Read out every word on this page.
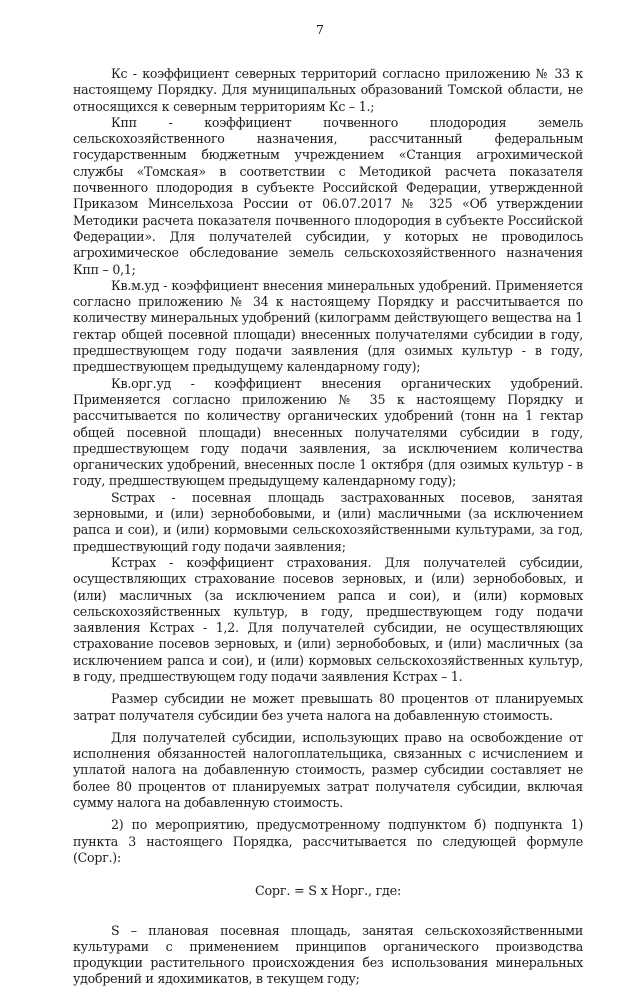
7

Кс - коэффициент северных территорий согласно приложению № 33 к настоящему Порядку. Для муниципальных образований Томской области, не относящихся к северным территориям Кс – 1.;

Кпп - коэффициент почвенного плодородия земель сельскохозяйственного назначения, рассчитанный федеральным государственным бюджетным учреждением «Станция агрохимической службы «Томская» в соответствии с Методикой расчета показателя почвенного плодородия в субъекте Российской Федерации, утвержденной Приказом Минсельхоза России от 06.07.2017 № 325 «Об утверждении Методики расчета показателя почвенного плодородия в субъекте Российской Федерации». Для получателей субсидии, у которых не проводилось агрохимическое обследование земель сельскохозяйственного назначения Кпп – 0,1;

Кв.м.уд - коэффициент внесения минеральных удобрений. Применяется согласно приложению № 34 к настоящему Порядку и рассчитывается по количеству минеральных удобрений (килограмм действующего вещества на 1 гектар общей посевной площади) внесенных получателями субсидии в году, предшествующем году подачи заявления (для озимых культур - в году, предшествующем предыдущему календарному году);

Кв.орг.уд - коэффициент внесения органических удобрений. Применяется согласно приложению № 35 к настоящему Порядку и рассчитывается по количеству органических удобрений (тонн на 1 гектар общей посевной площади) внесенных получателями субсидии в году, предшествующем году подачи заявления, за исключением количества органических удобрений, внесенных после 1 октября (для озимых культур - в году, предшествующем предыдущему календарному году);

Sстрах - посевная площадь застрахованных посевов, занятая зерновыми, и (или) зернобобовыми, и (или) масличными (за исключением рапса и сои), и (или) кормовыми сельскохозяйственными культурами, за год, предшествующий году подачи заявления;

Кстрах - коэффициент страхования. Для получателей субсидии, осуществляющих страхование посевов зерновых, и (или) зернобобовых, и (или) масличных (за исключением рапса и сои), и (или) кормовых сельскохозяйственных культур, в году, предшествующем году подачи заявления Кстрах - 1,2. Для получателей субсидии, не осуществляющих страхование посевов зерновых, и (или) зернобобовых, и (или) масличных (за исключением рапса и сои), и (или) кормовых сельскохозяйственных культур, в году, предшествующем году подачи заявления Кстрах – 1.

Размер субсидии не может превышать 80 процентов от планируемых затрат получателя субсидии без учета налога на добавленную стоимость.

Для получателей субсидии, использующих право на освобождение от исполнения обязанностей налогоплательщика, связанных с исчислением и уплатой налога на добавленную стоимость, размер субсидии составляет не более 80 процентов от планируемых затрат получателя субсидии, включая сумму налога на добавленную стоимость.

2) по мероприятию, предусмотренному подпунктом б) подпункта 1) пункта 3 настоящего Порядка, рассчитывается по следующей формуле (Сорг.):

Сорг. = S x Норг., где:

S – плановая посевная площадь, занятая сельскохозяйственными культурами с применением принципов органического производства продукции растительного происхождения без использования минеральных удобрений и ядохимикатов, в текущем году;
